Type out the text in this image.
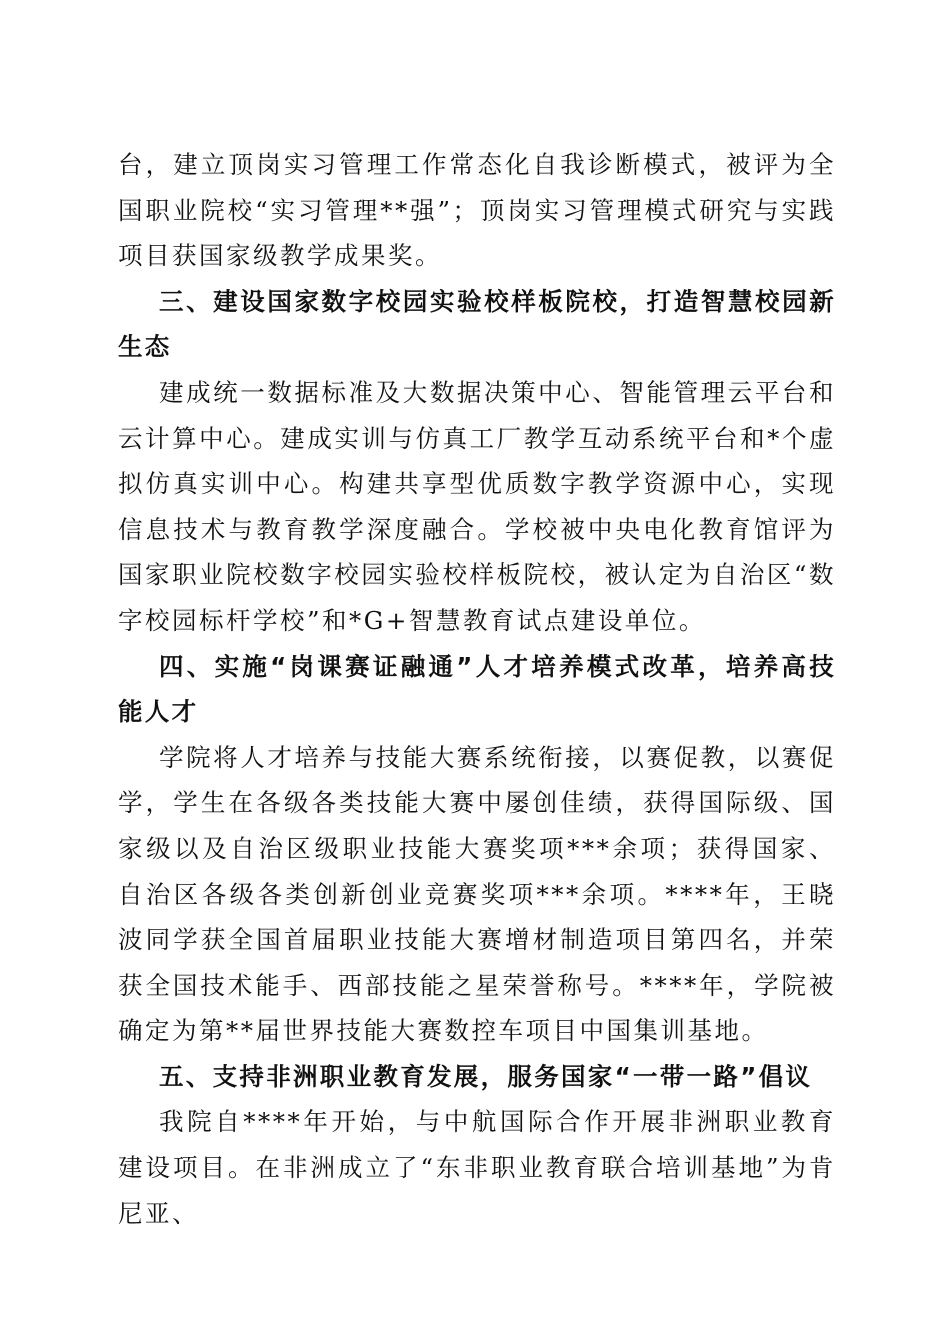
台，建立顶岗实习管理工作常态化自我诊断模式，被评为全国职业院校“实习管理**强”；顶岗实习管理模式研究与实践项目获国家级教学成果奖。

三、建设国家数字校园实验校样板院校，打造智慧校园新生态

建成统一数据标准及大数据决策中心、智能管理云平台和云计算中心。建成实训与仿真工厂教学互动系统平台和*个虚拟仿真实训中心。构建共享型优质数字教学资源中心，实现信息技术与教育教学深度融合。学校被中央电化教育馆评为国家职业院校数字校园实验校样板院校，被认定为自治区“数字校园标杆学校”和*G+智慧教育试点建设单位。

四、实施“岗课赛证融通”人才培养模式改革，培养高技能人才

学院将人才培养与技能大赛系统衔接，以赛促教，以赛促学，学生在各级各类技能大赛中屡创佳绩，获得国际级、国家级以及自治区级职业技能大赛奖项***余项；获得国家、自治区各级各类创新创业竞赛奖项***余项。****年，王晓波同学获全国首届职业技能大赛增材制造项目第四名，并荣获全国技术能手、西部技能之星荣誉称号。****年，学院被确定为第**届世界技能大赛数控车项目中国集训基地。

五、支持非洲职业教育发展，服务国家“一带一路”倡议

我院自****年开始，与中航国际合作开展非洲职业教育建设项目。在非洲成立了“东非职业教育联合培训基地”为肯尼亚、
